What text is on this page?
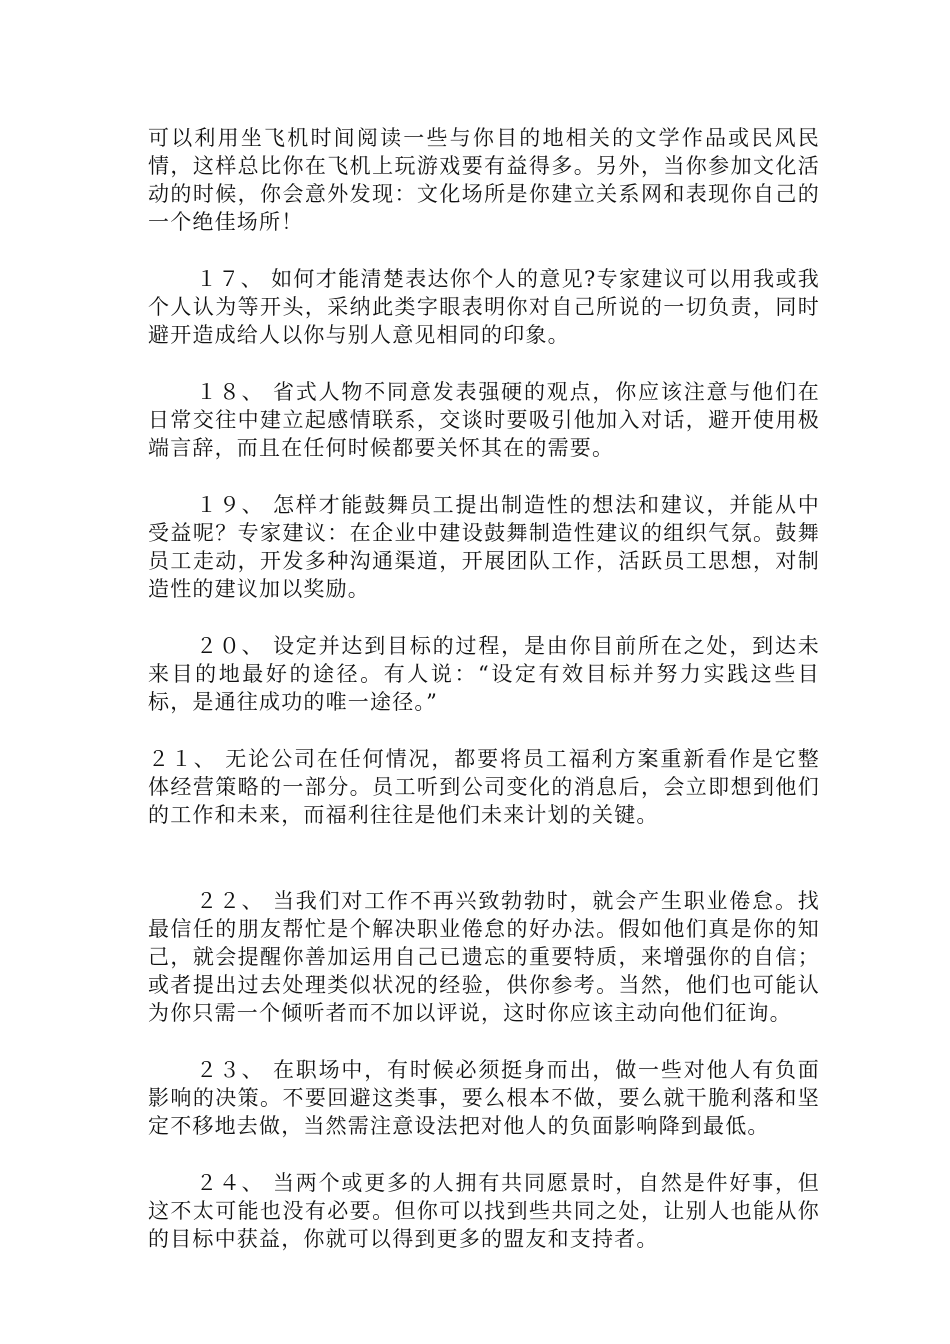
可以利用坐飞机时间阅读一些与你目的地相关的文学作品或民风民情，这样总比你在飞机上玩游戏要有益得多。另外，当你参加文化活动的时候，你会意外发现：文化场所是你建立关系网和表现你自己的一个绝佳场所！

１７、 如何才能清楚表达你个人的意见?专家建议可以用我或我个人认为等开头，采纳此类字眼表明你对自己所说的一切负责，同时避开造成给人以你与别人意见相同的印象。

１８、 省式人物不同意发表强硬的观点，你应该注意与他们在日常交往中建立起感情联系，交谈时要吸引他加入对话，避开使用极端言辞，而且在任何时候都要关怀其在的需要。

１９、 怎样才能鼓舞员工提出制造性的想法和建议，并能从中受益呢？专家建议：在企业中建设鼓舞制造性建议的组织气氛。鼓舞员工走动，开发多种沟通渠道，开展团队工作，活跃员工思想，对制造性的建议加以奖励。

２０、 设定并达到目标的过程，是由你目前所在之处，到达未来目的地最好的途径。有人说：“设定有效目标并努力实践这些目标，是通往成功的唯一途径。”

２１、 无论公司在任何情况，都要将员工福利方案重新看作是它整体经营策略的一部分。员工听到公司变化的消息后，会立即想到他们的工作和未来，而福利往往是他们未来计划的关键。

２２、 当我们对工作不再兴致勃勃时，就会产生职业倦怠。找最信任的朋友帮忙是个解决职业倦怠的好办法。假如他们真是你的知己，就会提醒你善加运用自己已遗忘的重要特质，来增强你的自信；或者提出过去处理类似状况的经验，供你参考。当然，他们也可能认为你只需一个倾听者而不加以评说，这时你应该主动向他们征询。

２３、 在职场中，有时候必须挺身而出，做一些对他人有负面影响的决策。不要回避这类事，要么根本不做，要么就干脆利落和坚定不移地去做，当然需注意设法把对他人的负面影响降到最低。

２４、 当两个或更多的人拥有共同愿景时，自然是件好事，但这不太可能也没有必要。但你可以找到些共同之处，让别人也能从你的目标中获益，你就可以得到更多的盟友和支持者。
